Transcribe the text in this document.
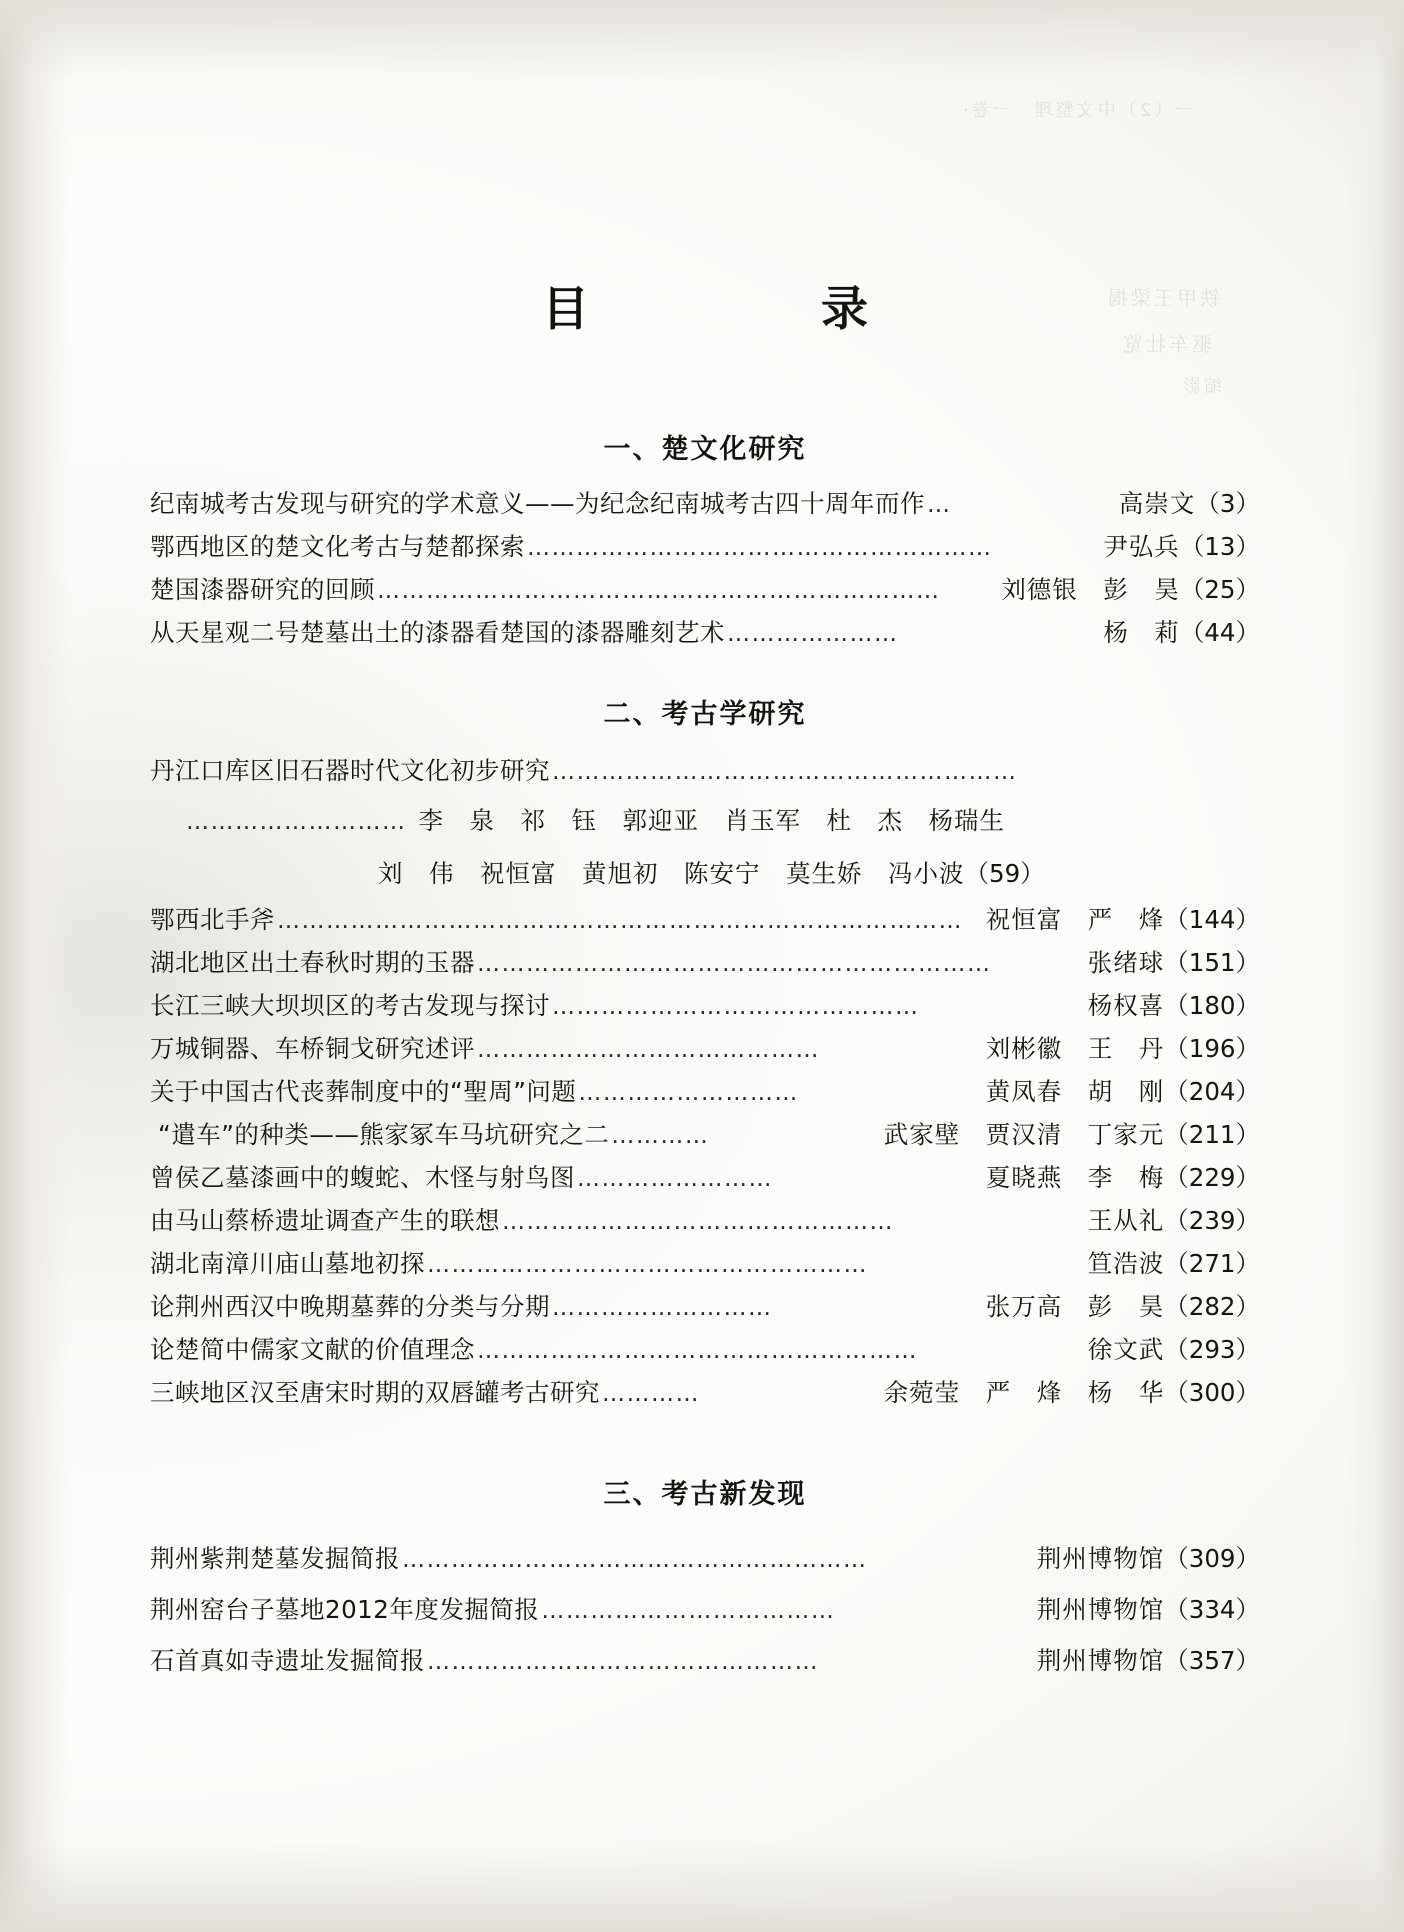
一（2）中文整理　一卷·
铁甲王梁揭
驱车壮览
缩影
目　　录
一、楚文化研究
纪南城考古发现与研究的学术意义——为纪念纪南城考古四十周年而作 …	高崇文 （3）
鄂西地区的楚文化考古与楚都探索 …………………………………………………	尹弘兵 （13）
楚国漆器研究的回顾 ……………………………………………………………	刘德银　彭　昊 （25）
从天星观二号楚墓出土的漆器看楚国的漆器雕刻艺术 …………………	杨　莉 （44）
二、考古学研究
丹江口库区旧石器时代文化初步研究 …………………………………………………
……………………… 李　泉　祁　钰　郭迎亚　肖玉军　杜　杰　杨瑞生
刘　伟　祝恒富　黄旭初　陈安宁　莫生娇　冯小波 （59）
鄂西北手斧 ………………………………………………………………………… 祝恒富　严　烽 （144）
湖北地区出土春秋时期的玉器 ………………………………………………………	张绪球 （151）
长江三峡大坝坝区的考古发现与探讨 ………………………………………	杨权喜 （180）
万城铜器、车桥铜戈研究述评 ……………………………………	刘彬徽　王　丹 （196）
关于中国古代丧葬制度中的“聖周”问题 ………………………	黄凤春　胡　刚 （204）
“遣车”的种类——熊家冢车马坑研究之二 …………	武家壁　贾汉清　丁家元 （211）
曾侯乙墓漆画中的蝮蛇、木怪与射鸟图 ……………………	夏晓燕　李　梅 （229）
由马山蔡桥遗址调查产生的联想 …………………………………………	王从礼 （239）
湖北南漳川庙山墓地初探 ………………………………………………	笪浩波 （271）
论荆州西汉中晚期墓葬的分类与分期 ………………………	张万高　彭　昊 （282）
论楚简中儒家文献的价值理念 ………………………………………………	徐文武 （293）
三峡地区汉至唐宋时期的双唇罐考古研究 …………	余菀莹　严　烽　杨　华 （300）
三、考古新发现
荆州紫荆楚墓发掘简报 …………………………………………………	荆州博物馆 （309）
荆州窑台子墓地2012年度发掘简报 ………………………………	荆州博物馆 （334）
石首真如寺遗址发掘简报 …………………………………………	荆州博物馆 （357）
